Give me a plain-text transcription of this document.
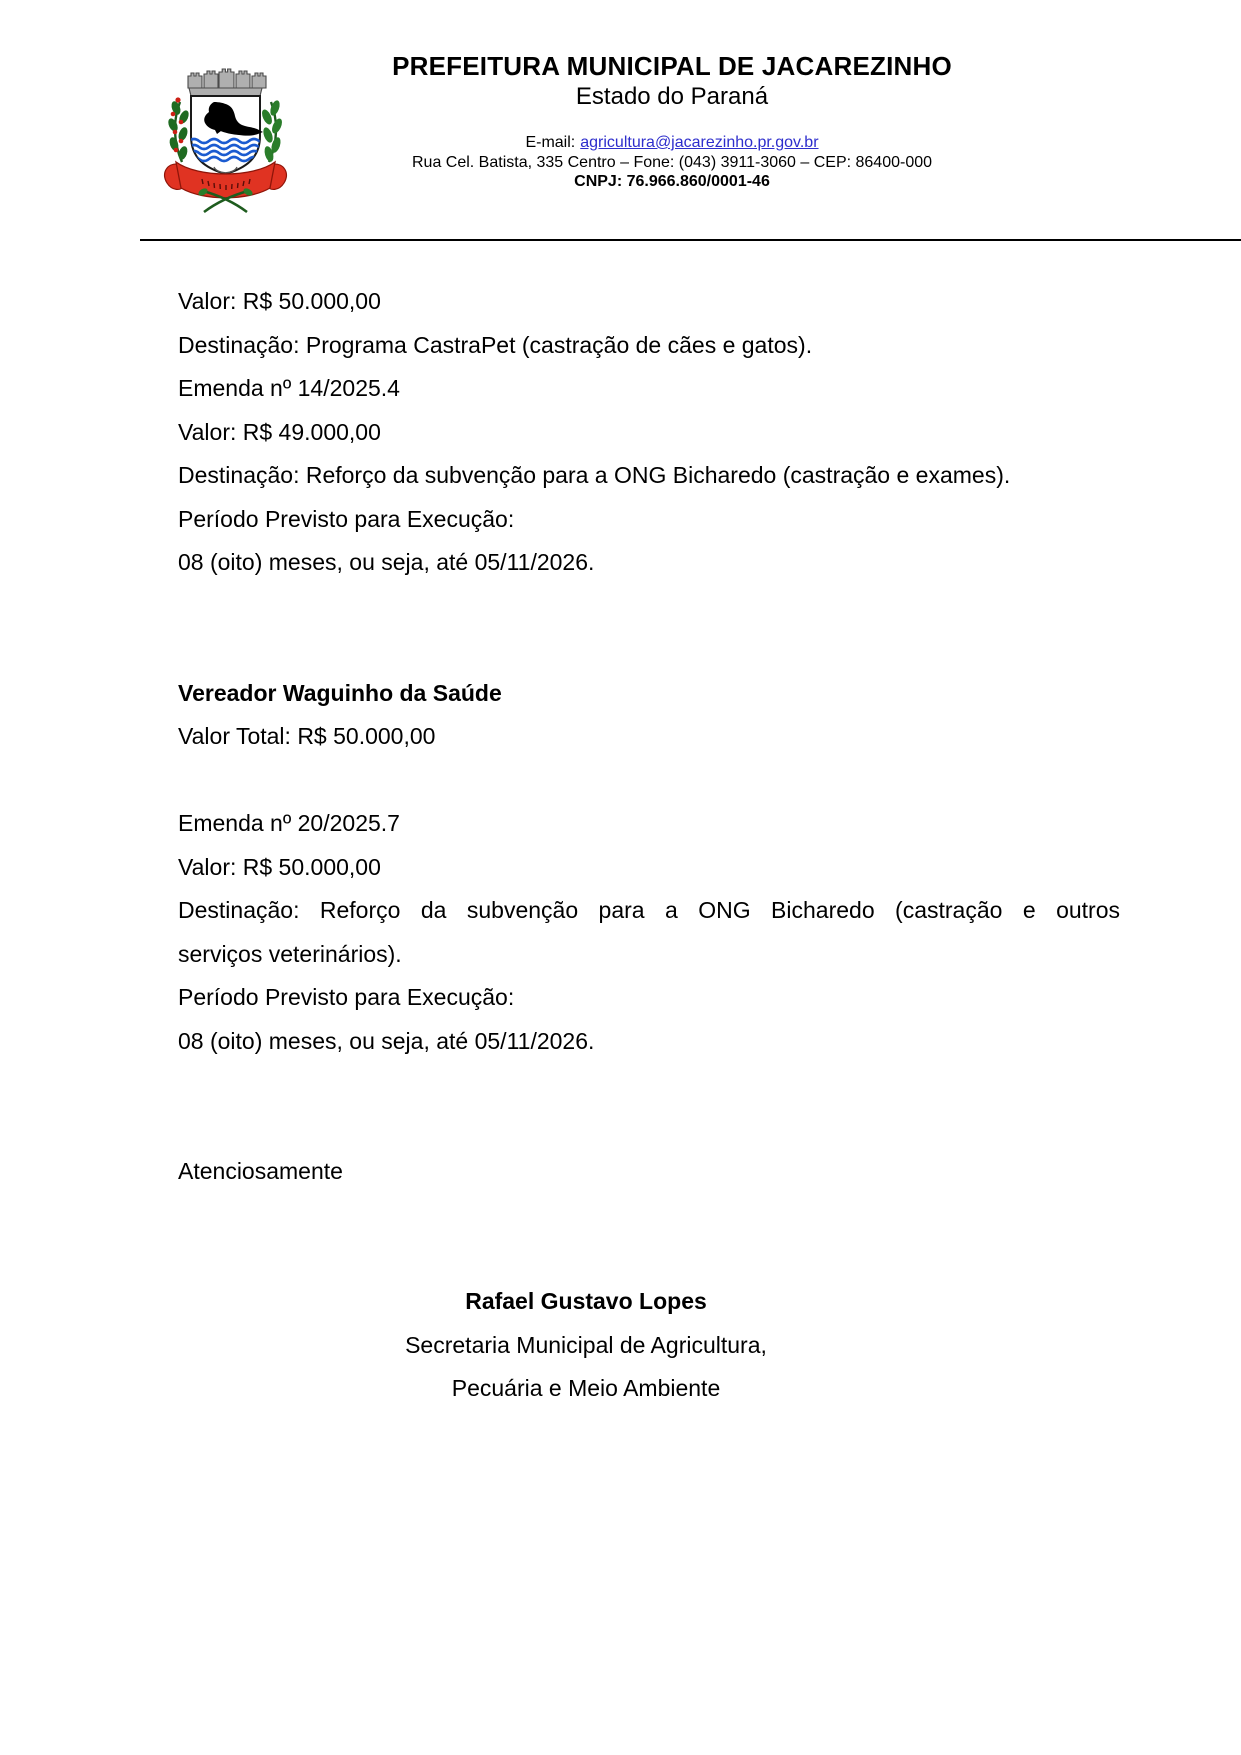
PREFEITURA MUNICIPAL DE JACAREZINHO

Estado do Paraná

E-mail: agricultura@jacarezinho.pr.gov.br

Rua Cel. Batista, 335 Centro – Fone: (043) 3911-3060 – CEP: 86400-000

CNPJ: 76.966.860/0001-46

Valor: R$ 50.000,00

Destinação: Programa CastraPet (castração de cães e gatos).

Emenda nº 14/2025.4

Valor: R$ 49.000,00

Destinação: Reforço da subvenção para a ONG Bicharedo (castração e exames).

Período Previsto para Execução:

08 (oito) meses, ou seja, até 05/11/2026.

Vereador Waguinho da Saúde

Valor Total: R$ 50.000,00

Emenda nº 20/2025.7

Valor: R$ 50.000,00

Destinação: Reforço da subvenção para a ONG Bicharedo (castração e outros

serviços veterinários).

Período Previsto para Execução:

08 (oito) meses, ou seja, até 05/11/2026.

Atenciosamente

Rafael Gustavo Lopes

Secretaria Municipal de Agricultura,

Pecuária e Meio Ambiente
